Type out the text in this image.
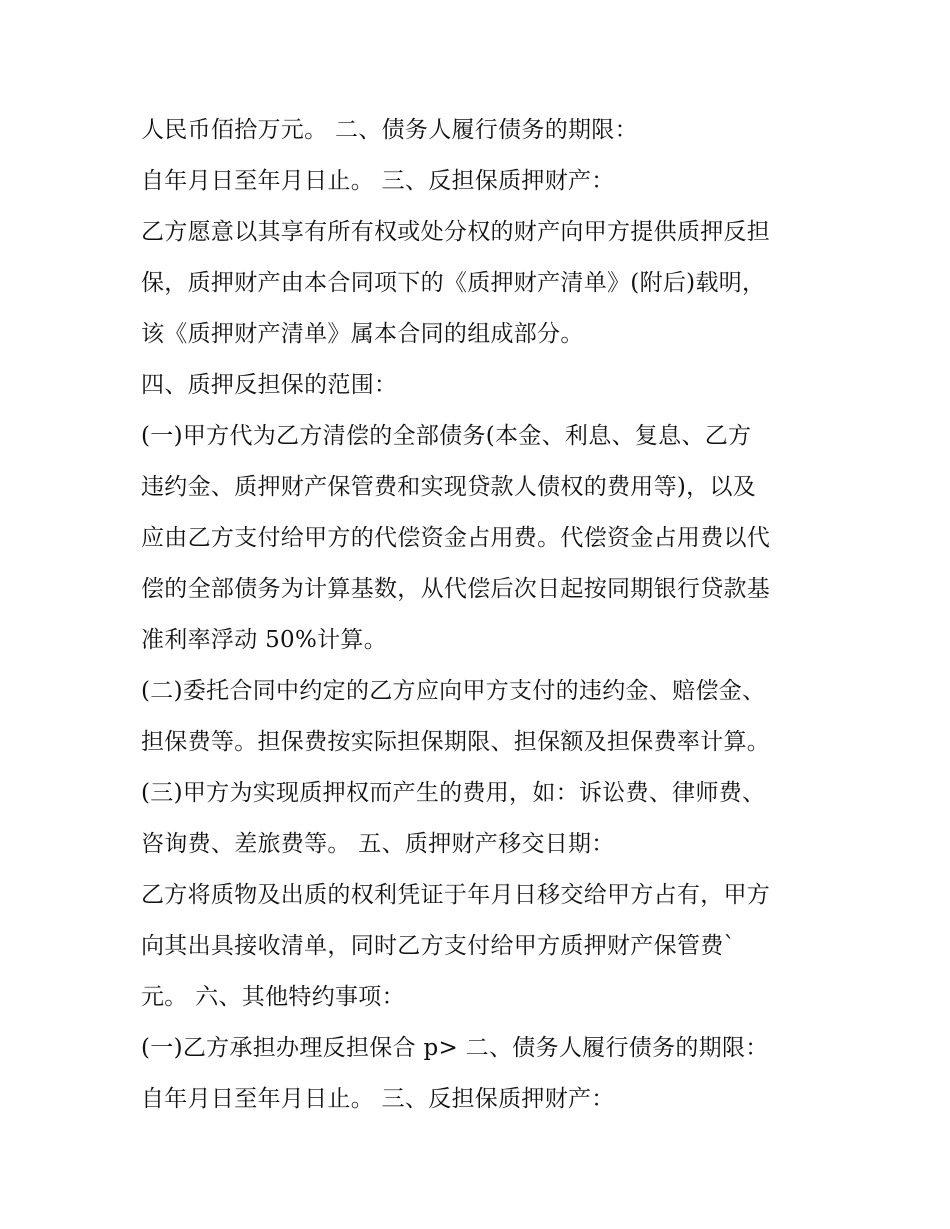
人民币佰拾万元。 二、债务人履行债务的期限：
自年月日至年月日止。 三、反担保质押财产：
乙方愿意以其享有所有权或处分权的财产向甲方提供质押反担
保，质押财产由本合同项下的《质押财产清单》(附后)载明，
该《质押财产清单》属本合同的组成部分。
四、质押反担保的范围：
(一)甲方代为乙方清偿的全部债务(本金、利息、复息、乙方
违约金、质押财产保管费和实现贷款人债权的费用等)，以及
应由乙方支付给甲方的代偿资金占用费。代偿资金占用费以代
偿的全部债务为计算基数，从代偿后次日起按同期银行贷款基
准利率浮动 50%计算。
(二)委托合同中约定的乙方应向甲方支付的违约金、赔偿金、
担保费等。担保费按实际担保期限、担保额及担保费率计算。
(三)甲方为实现质押权而产生的费用，如：诉讼费、律师费、
咨询费、差旅费等。 五、质押财产移交日期：
乙方将质物及出质的权利凭证于年月日移交给甲方占有，甲方
向其出具接收清单，同时乙方支付给甲方质押财产保管费`
元。 六、其他特约事项：
(一)乙方承担办理反担保合 p> 二、债务人履行债务的期限：
自年月日至年月日止。 三、反担保质押财产：
